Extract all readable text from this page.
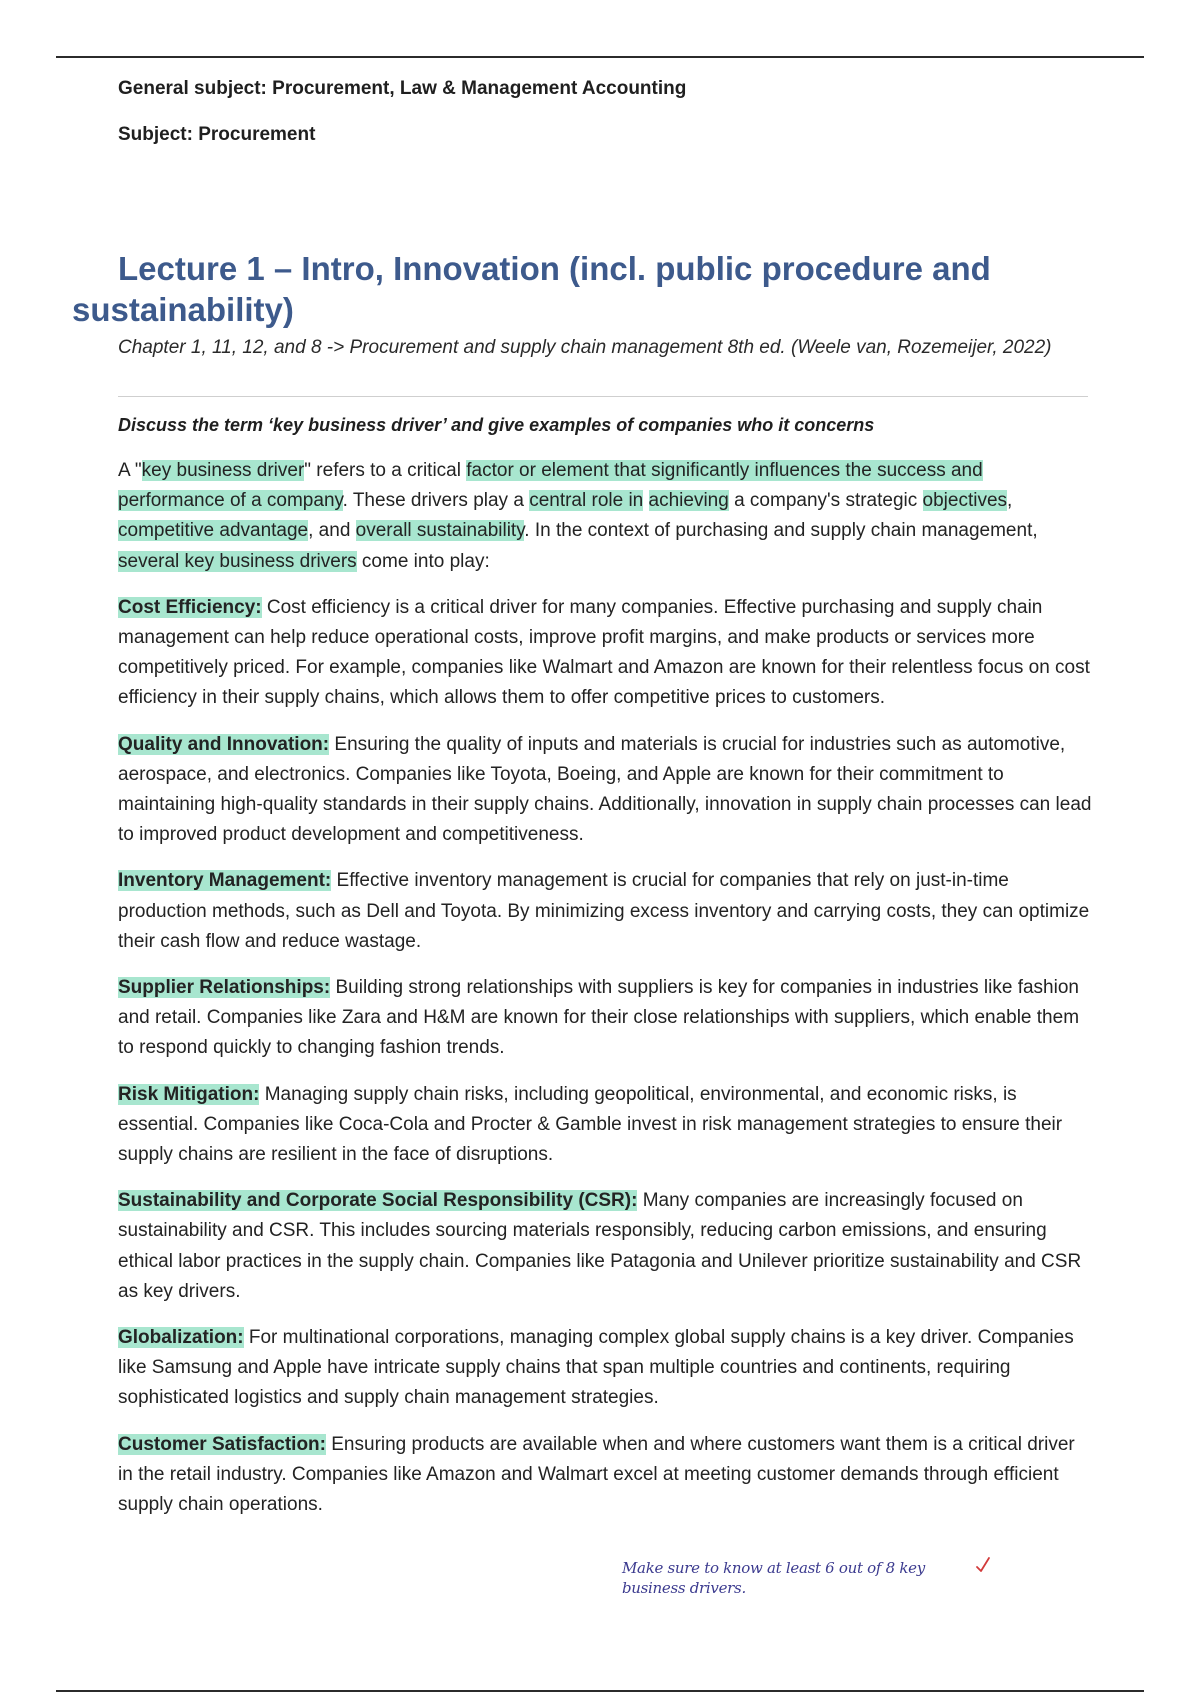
General subject: Procurement, Law & Management Accounting
Subject: Procurement
Lecture 1 – Intro, Innovation (incl. public procedure and sustainability)

Chapter 1, 11, 12, and 8 -> Procurement and supply chain management 8th ed. (Weele van, Rozemeijer, 2022)

Discuss the term ‘key business driver’ and give examples of companies who it concerns

A "key business driver" refers to a critical factor or element that significantly influences the success and performance of a company. These drivers play a central role in achieving a company's strategic objectives, competitive advantage, and overall sustainability. In the context of purchasing and supply chain management, several key business drivers come into play:

Cost Efficiency: Cost efficiency is a critical driver for many companies. Effective purchasing and supply chain management can help reduce operational costs, improve profit margins, and make products or services more competitively priced. For example, companies like Walmart and Amazon are known for their relentless focus on cost efficiency in their supply chains, which allows them to offer competitive prices to customers.

Quality and Innovation: Ensuring the quality of inputs and materials is crucial for industries such as automotive, aerospace, and electronics. Companies like Toyota, Boeing, and Apple are known for their commitment to maintaining high-quality standards in their supply chains. Additionally, innovation in supply chain processes can lead to improved product development and competitiveness.

Inventory Management: Effective inventory management is crucial for companies that rely on just-in-time production methods, such as Dell and Toyota. By minimizing excess inventory and carrying costs, they can optimize their cash flow and reduce wastage.

Supplier Relationships: Building strong relationships with suppliers is key for companies in industries like fashion and retail. Companies like Zara and H&M are known for their close relationships with suppliers, which enable them to respond quickly to changing fashion trends.

Risk Mitigation: Managing supply chain risks, including geopolitical, environmental, and economic risks, is essential. Companies like Coca-Cola and Procter & Gamble invest in risk management strategies to ensure their supply chains are resilient in the face of disruptions.

Sustainability and Corporate Social Responsibility (CSR): Many companies are increasingly focused on sustainability and CSR. This includes sourcing materials responsibly, reducing carbon emissions, and ensuring ethical labor practices in the supply chain. Companies like Patagonia and Unilever prioritize sustainability and CSR as key drivers.

Globalization: For multinational corporations, managing complex global supply chains is a key driver. Companies like Samsung and Apple have intricate supply chains that span multiple countries and continents, requiring sophisticated logistics and supply chain management strategies.

Customer Satisfaction: Ensuring products are available when and where customers want them is a critical driver in the retail industry. Companies like Amazon and Walmart excel at meeting customer demands through efficient supply chain operations.

Make sure to know at least 6 out of 8 key business drivers.
